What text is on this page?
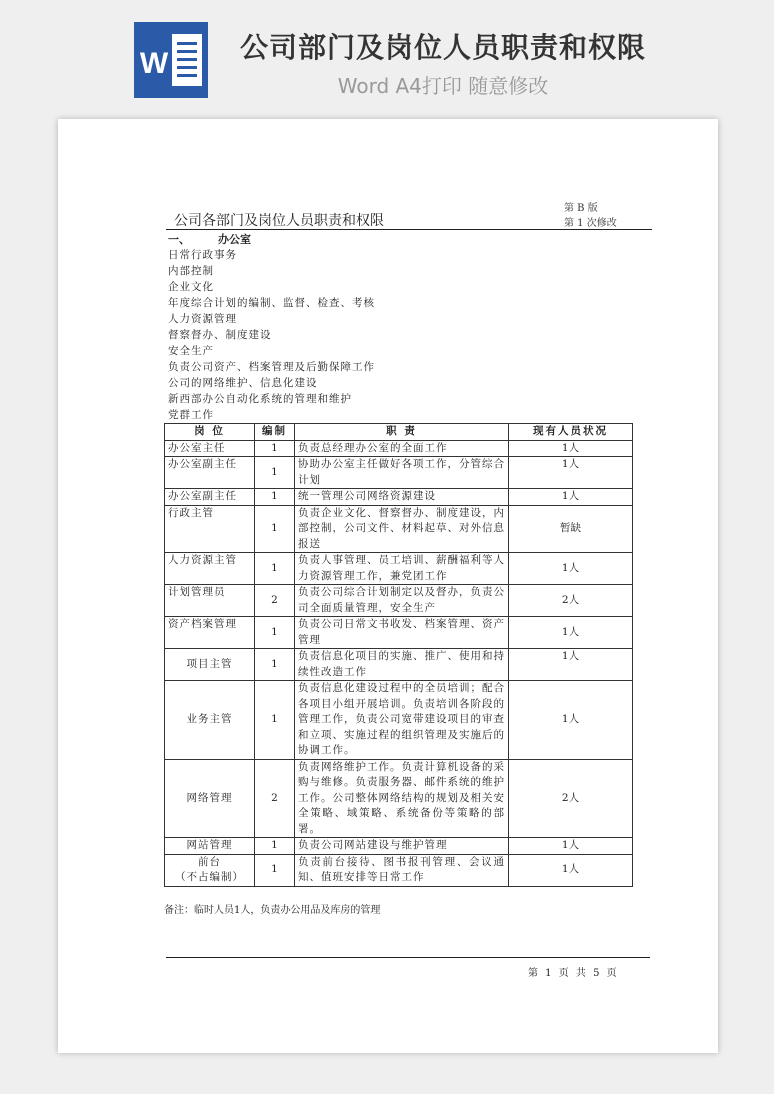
W	公司部门及岗位人员职责和权限
Word A4打印 随意修改
第 B 版
第 1 次修改
公司各部门及岗位人员职责和权限
一、	办公室
日常行政事务
内部控制
企业文化
年度综合计划的编制、监督、检查、考核
人力资源管理
督察督办、制度建设
安全生产
负责公司资产、档案管理及后勤保障工作
公司的网络维护、信息化建设
新西部办公自动化系统的管理和维护
党群工作
岗 位	编制	职 责	现有人员状况
办公室主任	1	负责总经理办公室的全面工作	1人
办公室副主任	1	协助办公室主任做好各项工作，分管综合计划	1人
办公室副主任	1	统一管理公司网络资源建设	1人
行政主管	1	负责企业文化、督察督办、制度建设，内部控制，公司文件、材料起草、对外信息报送	暂缺
人力资源主管	1	负责人事管理、员工培训、薪酬福利等人力资源管理工作，兼党团工作	1人
计划管理员	2	负责公司综合计划制定以及督办，负责公司全面质量管理，安全生产	2人
资产档案管理	1	负责公司日常文书收发、档案管理、资产管理	1人
项目主管	1	负责信息化项目的实施、推广、使用和持续性改造工作	1人
业务主管	1	负责信息化建设过程中的全员培训；配合各项目小组开展培训。负责培训各阶段的管理工作，负责公司宽带建设项目的审查和立项、实施过程的组织管理及实施后的协调工作。	1人
网络管理	2	负责网络维护工作。负责计算机设备的采购与维修。负责服务器、邮件系统的维护工作。公司整体网络结构的规划及相关安全策略、域策略、系统备份等策略的部署。	2人
网站管理	1	负责公司网站建设与维护管理	1人

前台
（不占编制）	1	负责前台接待、图书报刊管理、会议通知、值班安排等日常工作	1人
备注：临时人员1人，负责办公用品及库房的管理
第 1 页 共 5 页
